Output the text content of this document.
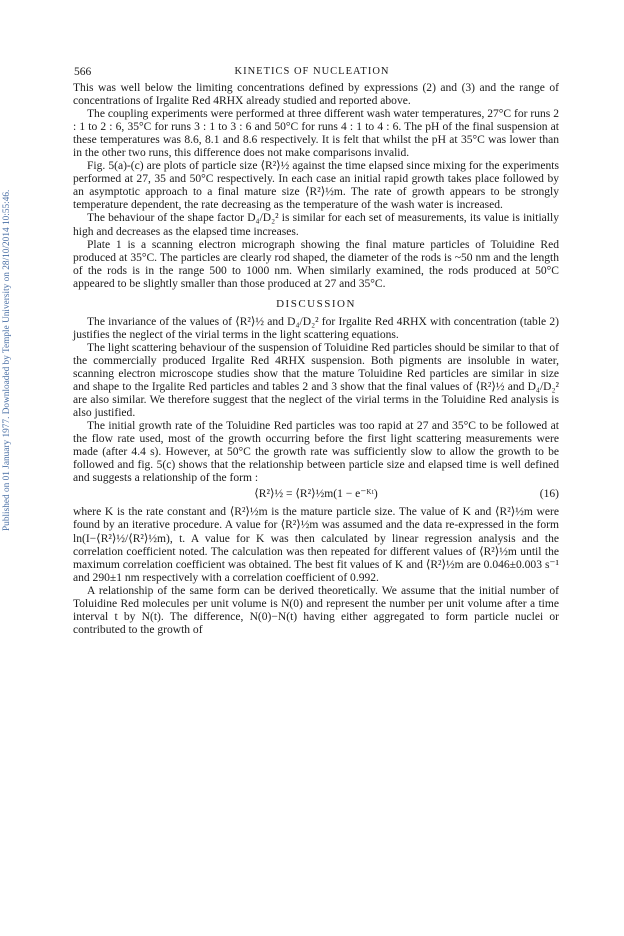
Published on 01 January 1977. Downloaded by Temple University on 28/10/2014 10:55:46.
566	KINETICS OF NUCLEATION

This was well below the limiting concentrations defined by expressions (2) and (3) and the range of concentrations of Irgalite Red 4RHX already studied and reported above.

The coupling experiments were performed at three different wash water temperatures, 27°C for runs 2 : 1 to 2 : 6, 35°C for runs 3 : 1 to 3 : 6 and 50°C for runs 4 : 1 to 4 : 6. The pH of the final suspension at these temperatures was 8.6, 8.1 and 8.6 respectively. It is felt that whilst the pH at 35°C was lower than in the other two runs, this difference does not make comparisons invalid.

Fig. 5(a)-(c) are plots of particle size ⟨R²⟩½ against the time elapsed since mixing for the experiments performed at 27, 35 and 50°C respectively. In each case an initial rapid growth takes place followed by an asymptotic approach to a final mature size ⟨R²⟩½m. The rate of growth appears to be strongly temperature dependent, the rate decreasing as the temperature of the wash water is increased.

The behaviour of the shape factor D₄/D₂² is similar for each set of measurements, its value is initially high and decreases as the elapsed time increases.

Plate 1 is a scanning electron micrograph showing the final mature particles of Toluidine Red produced at 35°C. The particles are clearly rod shaped, the diameter of the rods is ~50 nm and the length of the rods is in the range 500 to 1000 nm. When similarly examined, the rods produced at 50°C appeared to be slightly smaller than those produced at 27 and 35°C.

DISCUSSION

The invariance of the values of ⟨R²⟩½ and D₄/D₂² for Irgalite Red 4RHX with concentration (table 2) justifies the neglect of the virial terms in the light scattering equations.

The light scattering behaviour of the suspension of Toluidine Red particles should be similar to that of the commercially produced Irgalite Red 4RHX suspension. Both pigments are insoluble in water, scanning electron microscope studies show that the mature Toluidine Red particles are similar in size and shape to the Irgalite Red particles and tables 2 and 3 show that the final values of ⟨R²⟩½ and D₄/D₂² are also similar. We therefore suggest that the neglect of the virial terms in the Toluidine Red analysis is also justified.

The initial growth rate of the Toluidine Red particles was too rapid at 27 and 35°C to be followed at the flow rate used, most of the growth occurring before the first light scattering measurements were made (after 4.4 s). However, at 50°C the growth rate was sufficiently slow to allow the growth to be followed and fig. 5(c) shows that the relationship between particle size and elapsed time is well defined and suggests a relationship of the form :

⟨R²⟩½ = ⟨R²⟩½m(1 − e⁻ᴷᵗ)	(16)

where K is the rate constant and ⟨R²⟩½m is the mature particle size. The value of K and ⟨R²⟩½m were found by an iterative procedure. A value for ⟨R²⟩½m was assumed and the data re-expressed in the form ln(I−⟨R²⟩½/⟨R²⟩½m), t. A value for K was then calculated by linear regression analysis and the correlation coefficient noted. The calculation was then repeated for different values of ⟨R²⟩½m until the maximum correlation coefficient was obtained. The best fit values of K and ⟨R²⟩½m are 0.046±0.003 s⁻¹ and 290±1 nm respectively with a correlation coefficient of 0.992.

A relationship of the same form can be derived theoretically. We assume that the initial number of Toluidine Red molecules per unit volume is N(0) and represent the number per unit volume after a time interval t by N(t). The difference, N(0)−N(t) having either aggregated to form particle nuclei or contributed to the growth of
